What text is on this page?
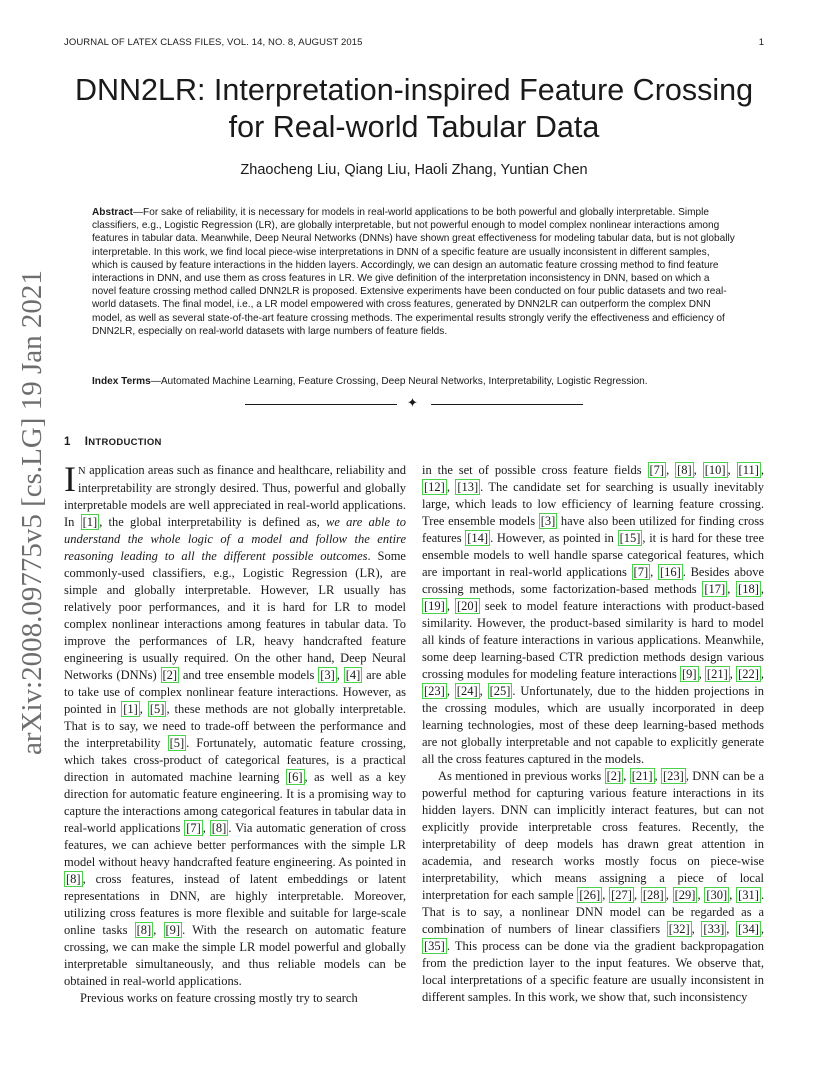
JOURNAL OF LATEX CLASS FILES, VOL. 14, NO. 8, AUGUST 2015	1
arXiv:2008.09775v5 [cs.LG] 19 Jan 2021
DNN2LR: Interpretation-inspired Feature Crossing for Real-world Tabular Data
Zhaocheng Liu, Qiang Liu, Haoli Zhang, Yuntian Chen

Abstract—For sake of reliability, it is necessary for models in real-world applications to be both powerful and globally interpretable. Simple classifiers, e.g., Logistic Regression (LR), are globally interpretable, but not powerful enough to model complex nonlinear interactions among features in tabular data. Meanwhile, Deep Neural Networks (DNNs) have shown great effectiveness for modeling tabular data, but is not globally interpretable. In this work, we find local piece-wise interpretations in DNN of a specific feature are usually inconsistent in different samples, which is caused by feature interactions in the hidden layers. Accordingly, we can design an automatic feature crossing method to find feature interactions in DNN, and use them as cross features in LR. We give definition of the interpretation inconsistency in DNN, based on which a novel feature crossing method called DNN2LR is proposed. Extensive experiments have been conducted on four public datasets and two real-world datasets. The final model, i.e., a LR model empowered with cross features, generated by DNN2LR can outperform the complex DNN model, as well as several state-of-the-art feature crossing methods. The experimental results strongly verify the effectiveness and efficiency of DNN2LR, especially on real-world datasets with large numbers of feature fields.

Index Terms—Automated Machine Learning, Feature Crossing, Deep Neural Networks, Interpretability, Logistic Regression.

✦
1 INTRODUCTION

I N application areas such as finance and healthcare, reliability and interpretability are strongly desired. Thus, powerful and globally interpretable models are well appreciated in real-world applications. In [1] , the global interpretability is defined as, we are able to understand the whole logic of a model and follow the entire reasoning leading to all the different possible outcomes. Some commonly-used classifiers, e.g., Logistic Regression (LR), are simple and globally interpretable. However, LR usually has relatively poor performances, and it is hard for LR to model complex nonlinear interactions among features in tabular data. To improve the performances of LR, heavy handcrafted feature engineering is usually required. On the other hand, Deep Neural Networks (DNNs) [2] and tree ensemble models [3] , [4] are able to take use of complex nonlinear feature interactions. However, as pointed in [1] , [5] , these methods are not globally interpretable. That is to say, we need to trade-off between the performance and the interpretability [5] . Fortunately, automatic feature crossing, which takes cross-product of categorical features, is a practical direction in automated machine learning [6] , as well as a key direction for automatic feature engineering. It is a promising way to capture the interactions among categorical features in tabular data in real-world applications [7] , [8] . Via automatic generation of cross features, we can achieve better performances with the simple LR model without heavy handcrafted feature engineering. As pointed in [8] , cross features, instead of latent embeddings or latent representations in DNN, are highly interpretable. Moreover, utilizing cross features is more flexible and suitable for large-scale online tasks [8] , [9] . With the research on automatic feature crossing, we can make the simple LR model powerful and globally interpretable simultaneously, and thus reliable models can be obtained in real-world applications.

Previous works on feature crossing mostly try to search

in the set of possible cross feature fields [7] , [8] , [10] , [11] , [12] , [13] . The candidate set for searching is usually inevitably large, which leads to low efficiency of learning feature crossing. Tree ensemble models [3] have also been utilized for finding cross features [14] . However, as pointed in [15] , it is hard for these tree ensemble models to well handle sparse categorical features, which are important in real-world applications [7] , [16] . Besides above crossing methods, some factorization-based methods [17] , [18] , [19] , [20] seek to model feature interactions with product-based similarity. However, the product-based similarity is hard to model all kinds of feature interactions in various applications. Meanwhile, some deep learning-based CTR prediction methods design various crossing modules for modeling feature interactions [9] , [21] , [22] , [23] , [24] , [25] . Unfortunately, due to the hidden projections in the crossing modules, which are usually incorporated in deep learning technologies, most of these deep learning-based methods are not globally interpretable and not capable to explicitly generate all the cross features captured in the models.

As mentioned in previous works [2] , [21] , [23] , DNN can be a powerful method for capturing various feature interactions in its hidden layers. DNN can implicitly interact features, but can not explicitly provide interpretable cross features. Recently, the interpretability of deep models has drawn great attention in academia, and research works mostly focus on piece-wise interpretability, which means assigning a piece of local interpretation for each sample [26] , [27] , [28] , [29] , [30] , [31] . That is to say, a nonlinear DNN model can be regarded as a combination of numbers of linear classifiers [32] , [33] , [34] , [35] . This process can be done via the gradient backpropagation from the prediction layer to the input features. We observe that, local interpretations of a specific feature are usually inconsistent in different samples. In this work, we show that, such inconsistency
